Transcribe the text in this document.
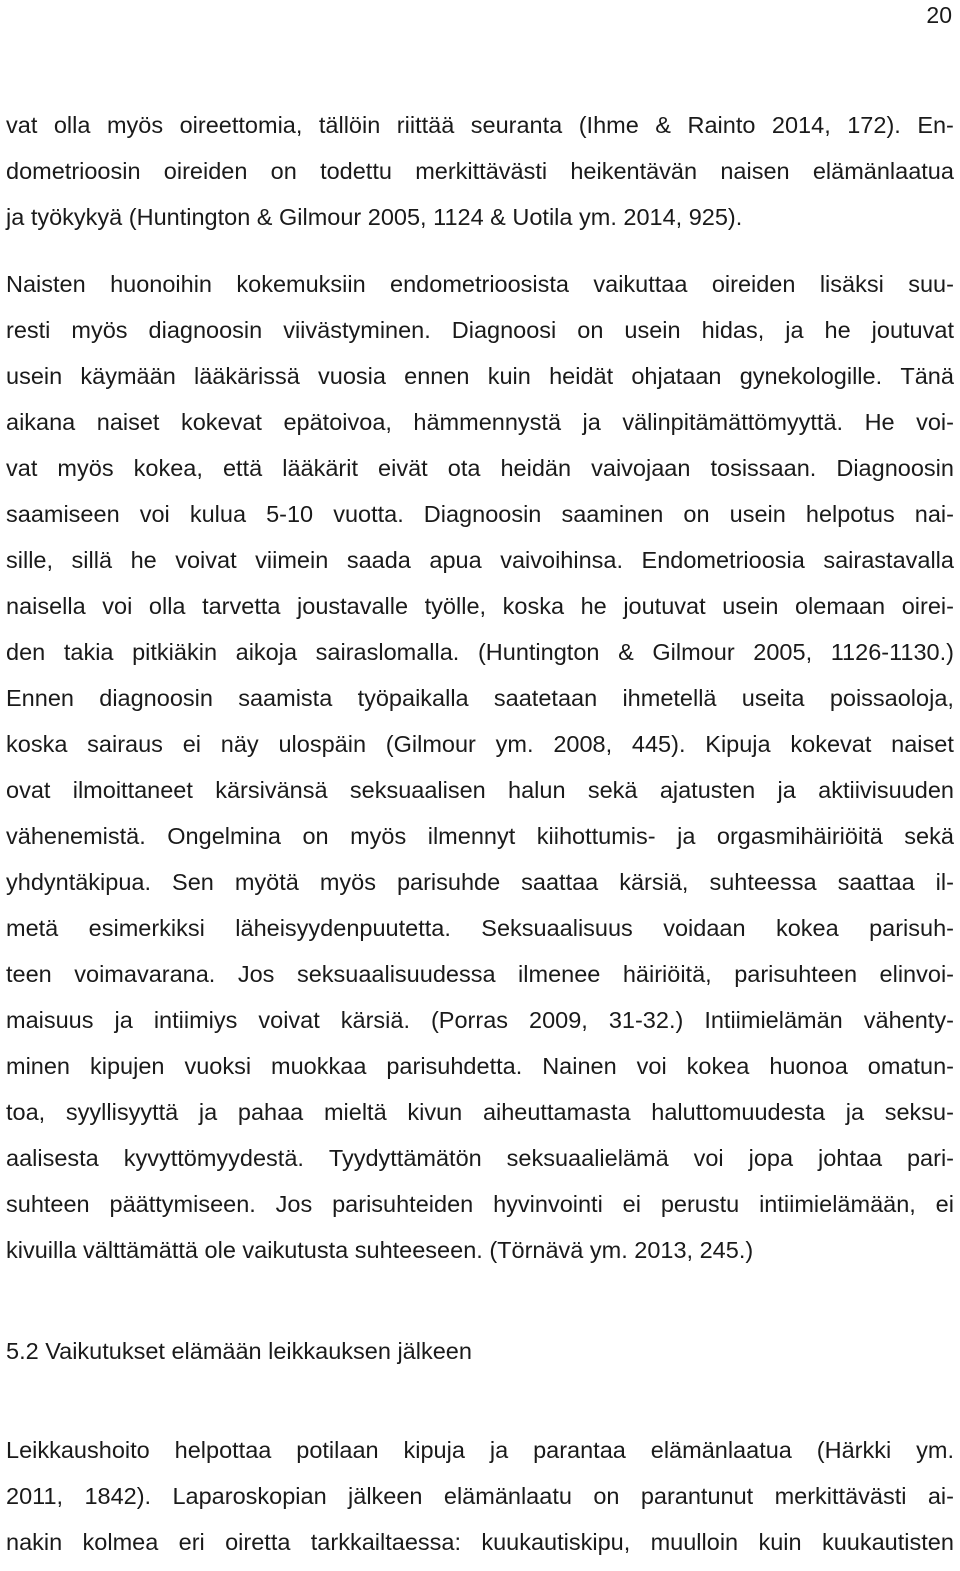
20
vat olla myös oireettomia, tällöin riittää seuranta (Ihme & Rainto 2014, 172). En-
dometrioosin oireiden on todettu merkittävästi heikentävän naisen elämänlaatua
ja työkykyä (Huntington & Gilmour 2005, 1124 & Uotila ym. 2014, 925).
Naisten huonoihin kokemuksiin endometrioosista vaikuttaa oireiden lisäksi suu-
resti myös diagnoosin viivästyminen. Diagnoosi on usein hidas, ja he joutuvat
usein käymään lääkärissä vuosia ennen kuin heidät ohjataan gynekologille. Tänä
aikana naiset kokevat epätoivoa, hämmennystä ja välinpitämättömyyttä. He voi-
vat myös kokea, että lääkärit eivät ota heidän vaivojaan tosissaan. Diagnoosin
saamiseen voi kulua 5-10 vuotta. Diagnoosin saaminen on usein helpotus nai-
sille, sillä he voivat viimein saada apua vaivoihinsa. Endometrioosia sairastavalla
naisella voi olla tarvetta joustavalle työlle, koska he joutuvat usein olemaan oirei-
den takia pitkiäkin aikoja sairaslomalla. (Huntington & Gilmour 2005, 1126-1130.)
Ennen diagnoosin saamista työpaikalla saatetaan ihmetellä useita poissaoloja,
koska sairaus ei näy ulospäin (Gilmour ym. 2008, 445). Kipuja kokevat naiset
ovat ilmoittaneet kärsivänsä seksuaalisen halun sekä ajatusten ja aktiivisuuden
vähenemistä. Ongelmina on myös ilmennyt kiihottumis- ja orgasmihäiriöitä sekä
yhdyntäkipua. Sen myötä myös parisuhde saattaa kärsiä, suhteessa saattaa il-
metä esimerkiksi läheisyydenpuutetta. Seksuaalisuus voidaan kokea parisuh-
teen voimavarana. Jos seksuaalisuudessa ilmenee häiriöitä, parisuhteen elinvoi-
maisuus ja intiimiys voivat kärsiä. (Porras 2009, 31-32.) Intiimielämän vähenty-
minen kipujen vuoksi muokkaa parisuhdetta. Nainen voi kokea huonoa omatun-
toa, syyllisyyttä ja pahaa mieltä kivun aiheuttamasta haluttomuudesta ja seksu-
aalisesta kyvyttömyydestä. Tyydyttämätön seksuaalielämä voi jopa johtaa pari-
suhteen päättymiseen. Jos parisuhteiden hyvinvointi ei perustu intiimielämään, ei
kivuilla välttämättä ole vaikutusta suhteeseen. (Törnävä ym. 2013, 245.)
5.2 Vaikutukset elämään leikkauksen jälkeen
Leikkaushoito helpottaa potilaan kipuja ja parantaa elämänlaatua (Härkki ym.
2011, 1842). Laparoskopian jälkeen elämänlaatu on parantunut merkittävästi ai-
nakin kolmea eri oiretta tarkkailtaessa: kuukautiskipu, muulloin kuin kuukautisten
